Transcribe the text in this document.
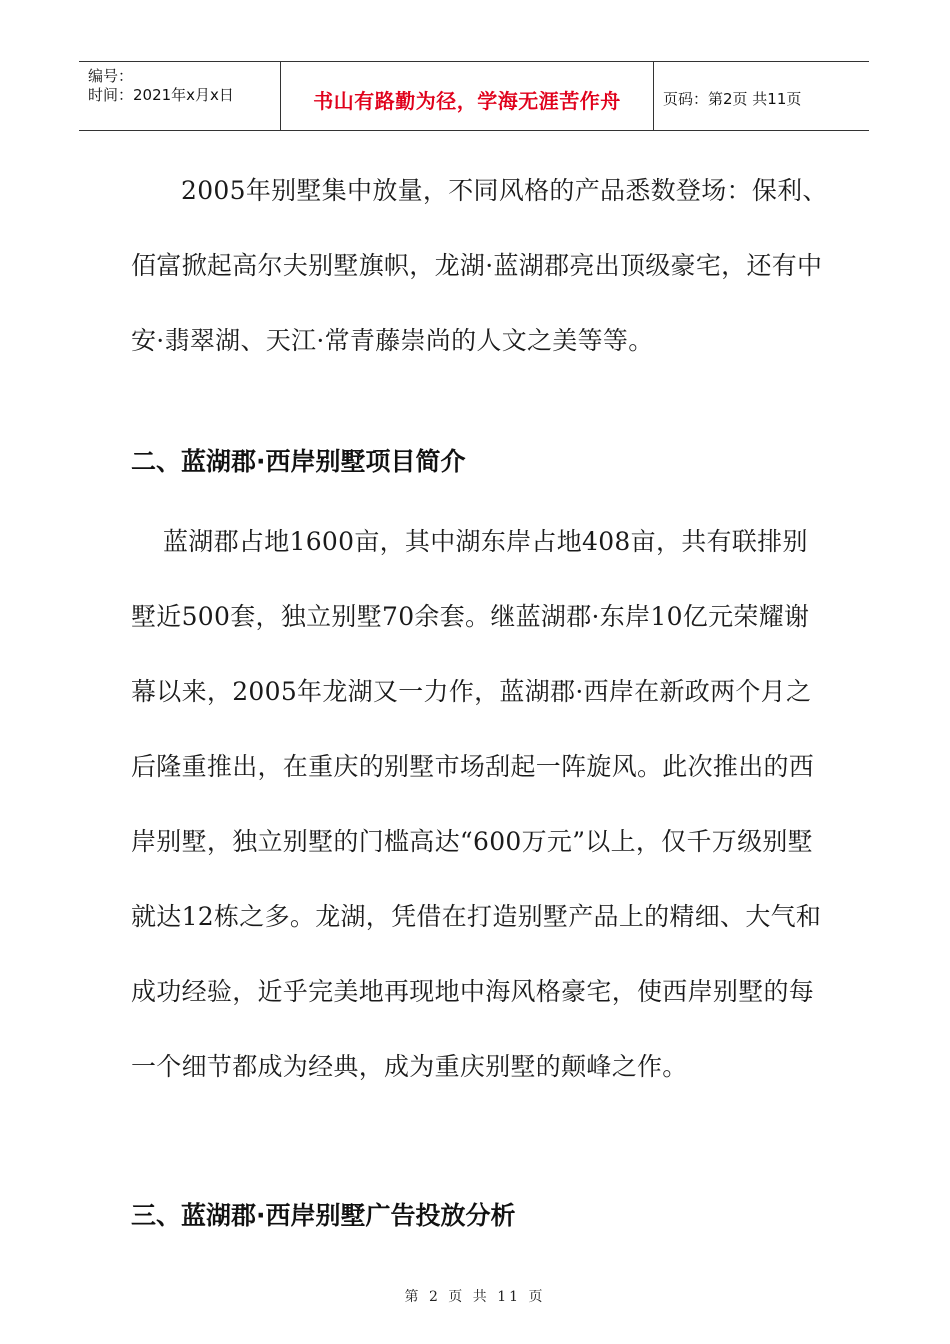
编号：
时间：2021年x月x日	书山有路勤为径，学海无涯苦作舟	页码：第2页 共11页

2005年别墅集中放量，不同风格的产品悉数登场：保利、佰富掀起高尔夫别墅旗帜，龙湖·蓝湖郡亮出顶级豪宅，还有中安·翡翠湖、天江·常青藤崇尚的人文之美等等。

二、蓝湖郡·西岸别墅项目简介

蓝湖郡占地1600亩，其中湖东岸占地408亩，共有联排别墅近500套，独立别墅70余套。继蓝湖郡·东岸10亿元荣耀谢幕以来，2005年龙湖又一力作，蓝湖郡·西岸在新政两个月之后隆重推出，在重庆的别墅市场刮起一阵旋风。此次推出的西岸别墅，独立别墅的门槛高达“600万元”以上，仅千万级别墅就达12栋之多。龙湖，凭借在打造别墅产品上的精细、大气和成功经验，近乎完美地再现地中海风格豪宅，使西岸别墅的每一个细节都成为经典，成为重庆别墅的颠峰之作。

三、蓝湖郡·西岸别墅广告投放分析
第 2 页 共 11 页
